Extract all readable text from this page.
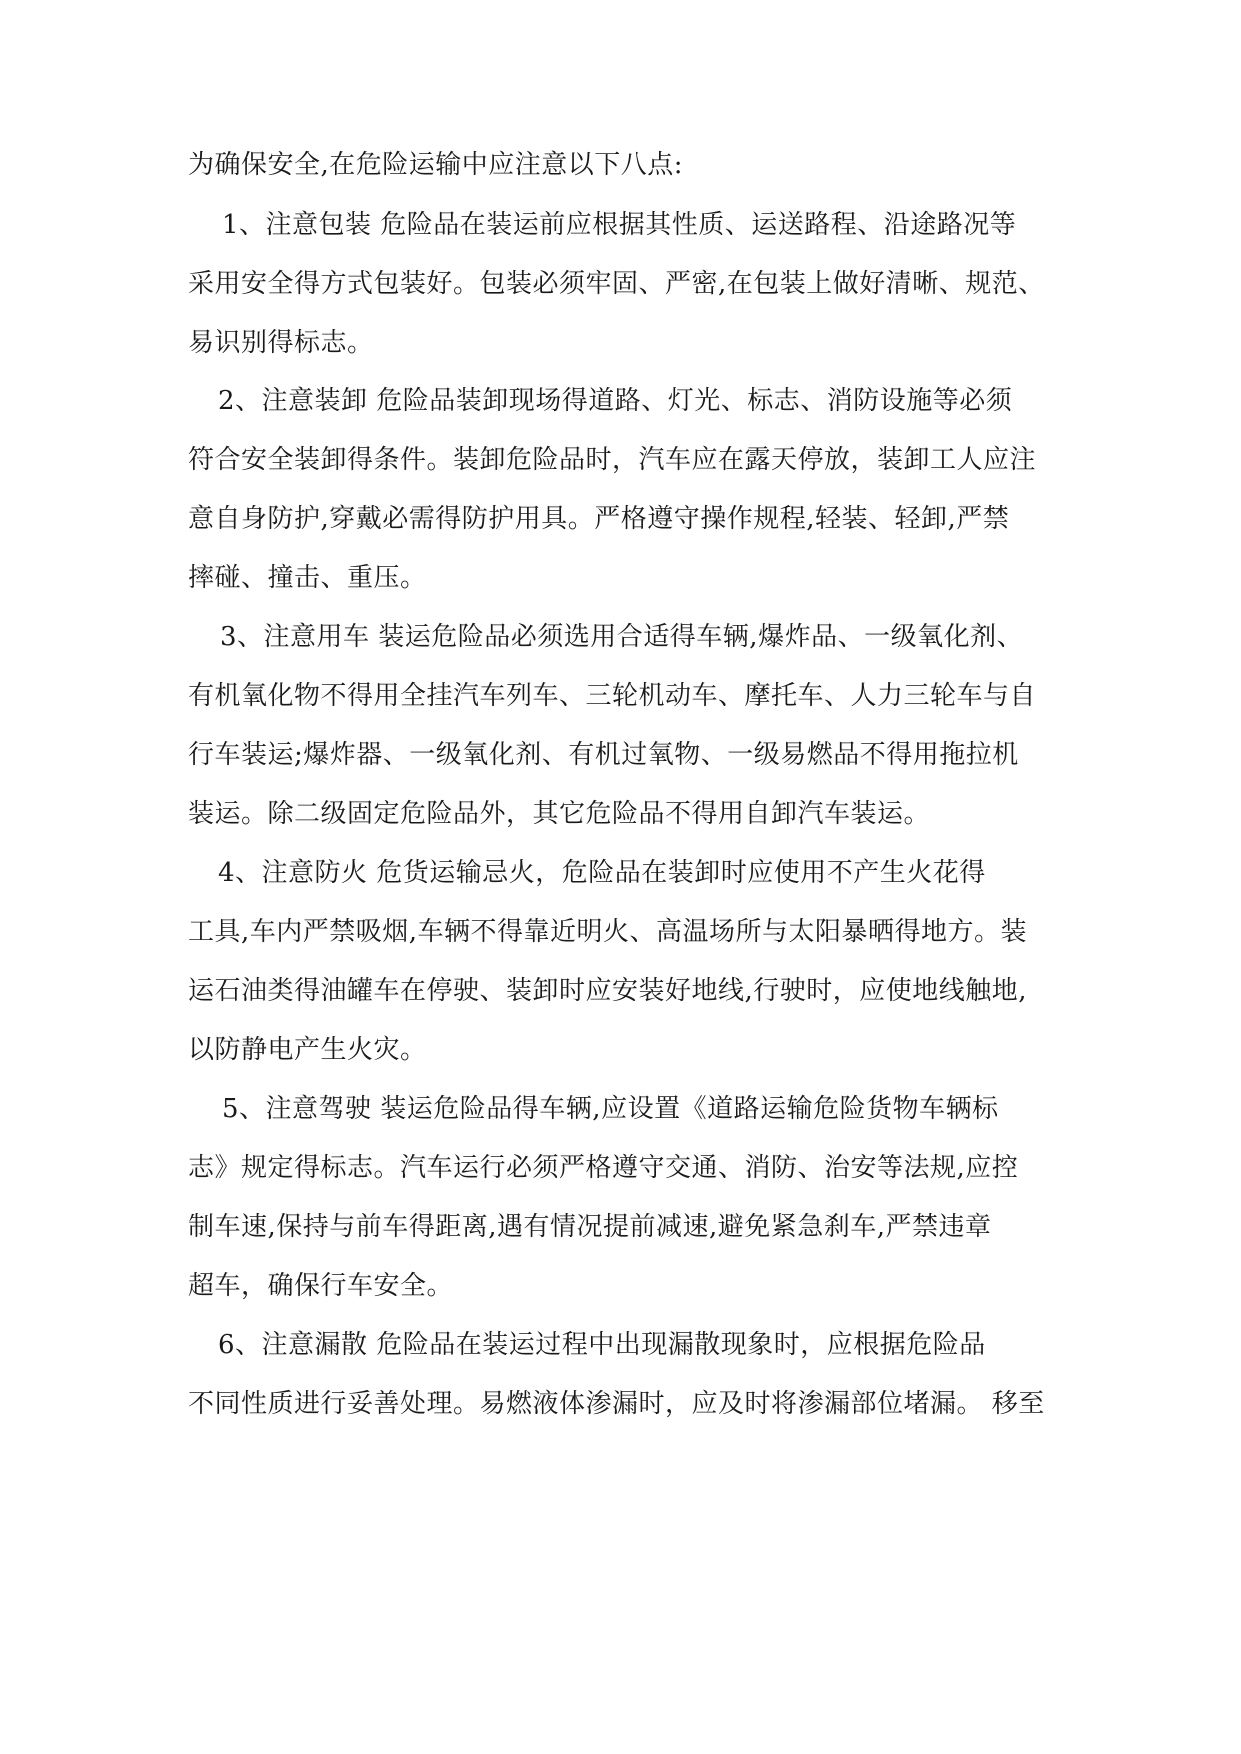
为确保安全,在危险运输中应注意以下八点:
1、注意包装 危险品在装运前应根据其性质、运送路程、沿途路况等
采用安全得方式包装好。包装必须牢固、严密,在包装上做好清晰、规范、
易识别得标志。
2、注意装卸 危险品装卸现场得道路、灯光、标志、消防设施等必须
符合安全装卸得条件。装卸危险品时，汽车应在露天停放，装卸工人应注
意自身防护,穿戴必需得防护用具。严格遵守操作规程,轻装、轻卸,严禁
摔碰、撞击、重压。
3、注意用车 装运危险品必须选用合适得车辆,爆炸品、一级氧化剂、
有机氧化物不得用全挂汽车列车、三轮机动车、摩托车、人力三轮车与自
行车装运;爆炸器、一级氧化剂、有机过氧物、一级易燃品不得用拖拉机
装运。除二级固定危险品外，其它危险品不得用自卸汽车装运。
4、注意防火 危货运输忌火，危险品在装卸时应使用不产生火花得
工具,车内严禁吸烟,车辆不得靠近明火、高温场所与太阳暴晒得地方。装
运石油类得油罐车在停驶、装卸时应安装好地线,行驶时，应使地线触地,
以防静电产生火灾。
5、注意驾驶 装运危险品得车辆,应设置《道路运输危险货物车辆标
志》规定得标志。汽车运行必须严格遵守交通、消防、治安等法规,应控
制车速,保持与前车得距离,遇有情况提前减速,避免紧急刹车,严禁违章
超车，确保行车安全。
6、注意漏散 危险品在装运过程中出现漏散现象时，应根据危险品
不同性质进行妥善处理。易燃液体渗漏时，应及时将渗漏部位堵漏。 移至
